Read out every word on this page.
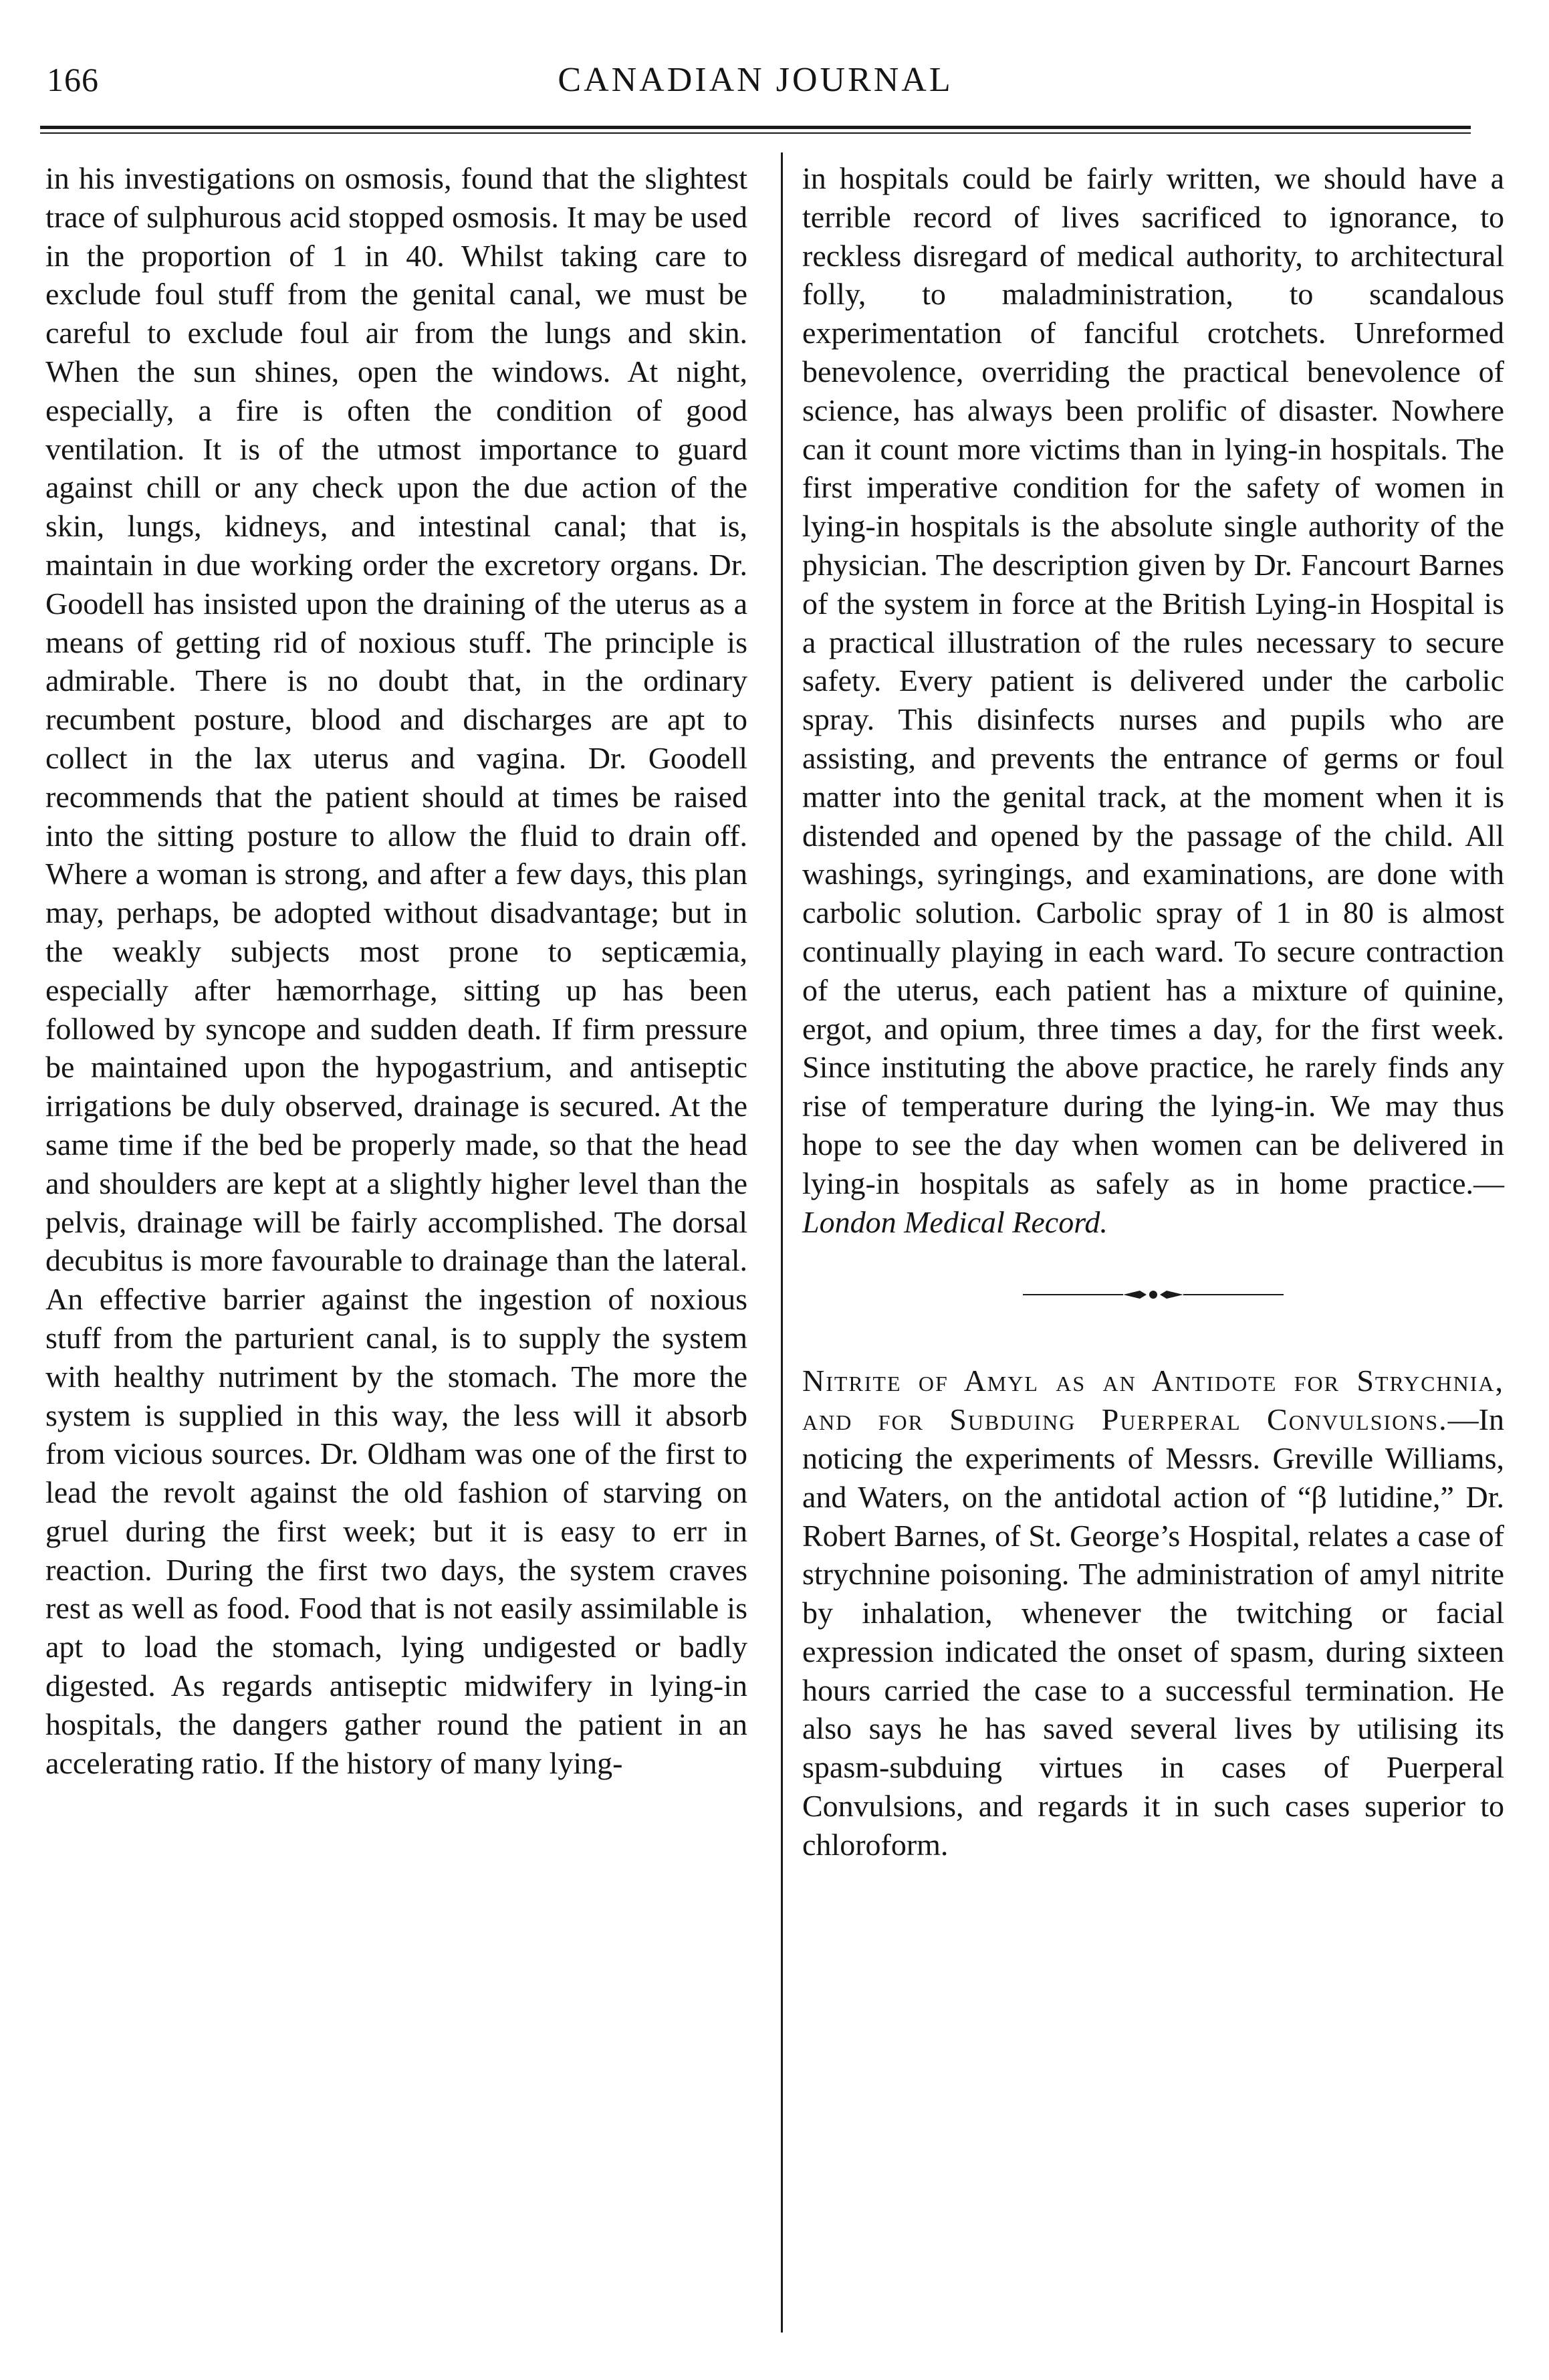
166	CANADIAN JOURNAL

in his investigations on osmosis, found that the slightest trace of sulphurous acid stopped osmosis. It may be used in the proportion of 1 in 40. Whilst taking care to exclude foul stuff from the genital canal, we must be careful to exclude foul air from the lungs and skin. When the sun shines, open the windows. At night, especially, a fire is often the condition of good ventilation. It is of the utmost importance to guard against chill or any check upon the due action of the skin, lungs, kidneys, and intestinal canal; that is, maintain in due working order the excretory organs. Dr. Goodell has insisted upon the draining of the uterus as a means of getting rid of noxious stuff. The principle is admirable. There is no doubt that, in the ordinary recumbent posture, blood and discharges are apt to collect in the lax uterus and vagina. Dr. Goodell recommends that the patient should at times be raised into the sitting posture to allow the fluid to drain off. Where a woman is strong, and after a few days, this plan may, perhaps, be adopted without disadvantage; but in the weakly subjects most prone to septicæmia, especially after hæmorrhage, sitting up has been followed by syncope and sudden death. If firm pressure be maintained upon the hypogastrium, and antiseptic irrigations be duly observed, drainage is secured. At the same time if the bed be properly made, so that the head and shoulders are kept at a slightly higher level than the pelvis, drainage will be fairly accomplished. The dorsal decubitus is more favourable to drainage than the lateral. An effective barrier against the ingestion of noxious stuff from the parturient canal, is to supply the system with healthy nutriment by the stomach. The more the system is supplied in this way, the less will it absorb from vicious sources. Dr. Oldham was one of the first to lead the revolt against the old fashion of starving on gruel during the first week; but it is easy to err in reaction. During the first two days, the system craves rest as well as food. Food that is not easily assimilable is apt to load the stomach, lying undigested or badly digested. As regards antiseptic midwifery in lying-in hospitals, the dangers gather round the patient in an accelerating ratio. If the history of many lying-

in hospitals could be fairly written, we should have a terrible record of lives sacrificed to ignorance, to reckless disregard of medical authority, to architectural folly, to maladministration, to scandalous experimentation of fanciful crotchets. Unreformed benevolence, overriding the practical benevolence of science, has always been prolific of disaster. Nowhere can it count more victims than in lying-in hospitals. The first imperative condition for the safety of women in lying-in hospitals is the absolute single authority of the physician. The description given by Dr. Fancourt Barnes of the system in force at the British Lying-in Hospital is a practical illustration of the rules necessary to secure safety. Every patient is delivered under the carbolic spray. This disinfects nurses and pupils who are assisting, and prevents the entrance of germs or foul matter into the genital track, at the moment when it is distended and opened by the passage of the child. All washings, syringings, and examinations, are done with carbolic solution. Carbolic spray of 1 in 80 is almost continually playing in each ward. To secure contraction of the uterus, each patient has a mixture of quinine, ergot, and opium, three times a day, for the first week. Since instituting the above practice, he rarely finds any rise of temperature during the lying-in. We may thus hope to see the day when women can be delivered in lying-in hospitals as safely as in home practice.—London Medical Record.

Nitrite of Amyl as an Antidote for Strychnia, and for Subduing Puerperal Convulsions.—In noticing the experiments of Messrs. Greville Williams, and Waters, on the antidotal action of “β lutidine,” Dr. Robert Barnes, of St. George’s Hospital, relates a case of strychnine poisoning. The administration of amyl nitrite by inhalation, whenever the twitching or facial expression indicated the onset of spasm, during sixteen hours carried the case to a successful termination. He also says he has saved several lives by utilising its spasm-subduing virtues in cases of Puerperal Convulsions, and regards it in such cases superior to chloroform.
